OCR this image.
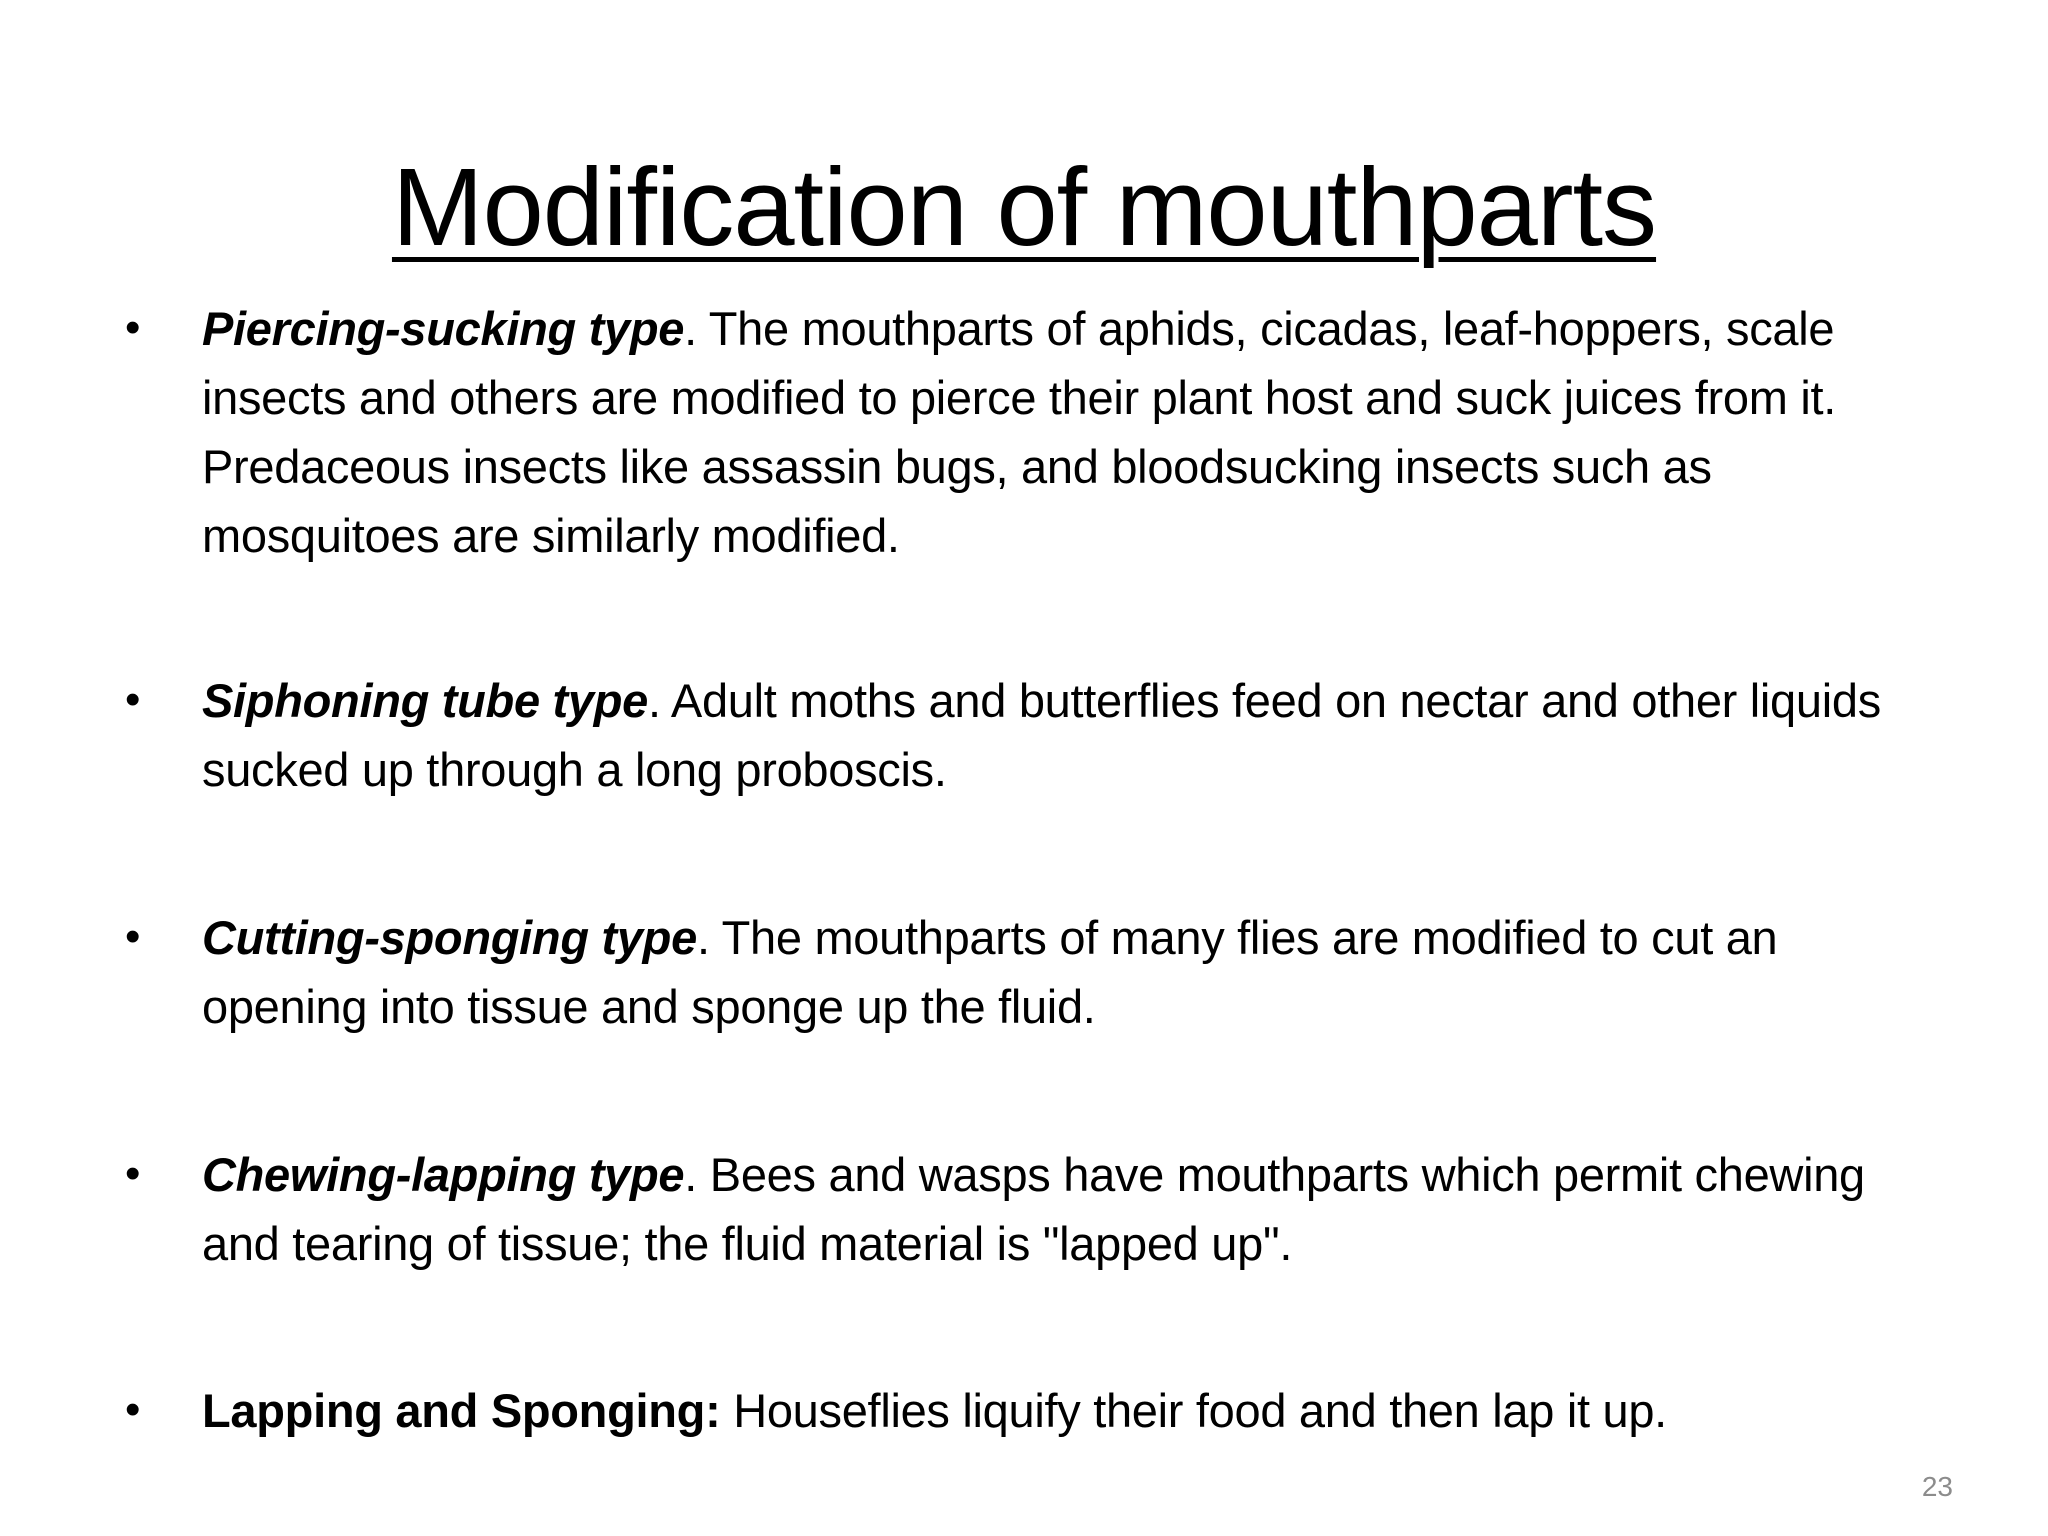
Modification of mouthparts
• Piercing-sucking type. The mouthparts of aphids, cicadas, leaf-hoppers, scale insects and others are modified to pierce their plant host and suck juices from it. Predaceous insects like assassin bugs, and bloodsucking insects such as mosquitoes are similarly modified.
• Siphoning tube type. Adult moths and butterflies feed on nectar and other liquids sucked up through a long proboscis.
• Cutting-sponging type. The mouthparts of many flies are modified to cut an opening into tissue and sponge up the fluid.
• Chewing-lapping type. Bees and wasps have mouthparts which permit chewing and tearing of tissue; the fluid material is "lapped up".
• Lapping and Sponging: Houseflies liquify their food and then lap it up.
23
